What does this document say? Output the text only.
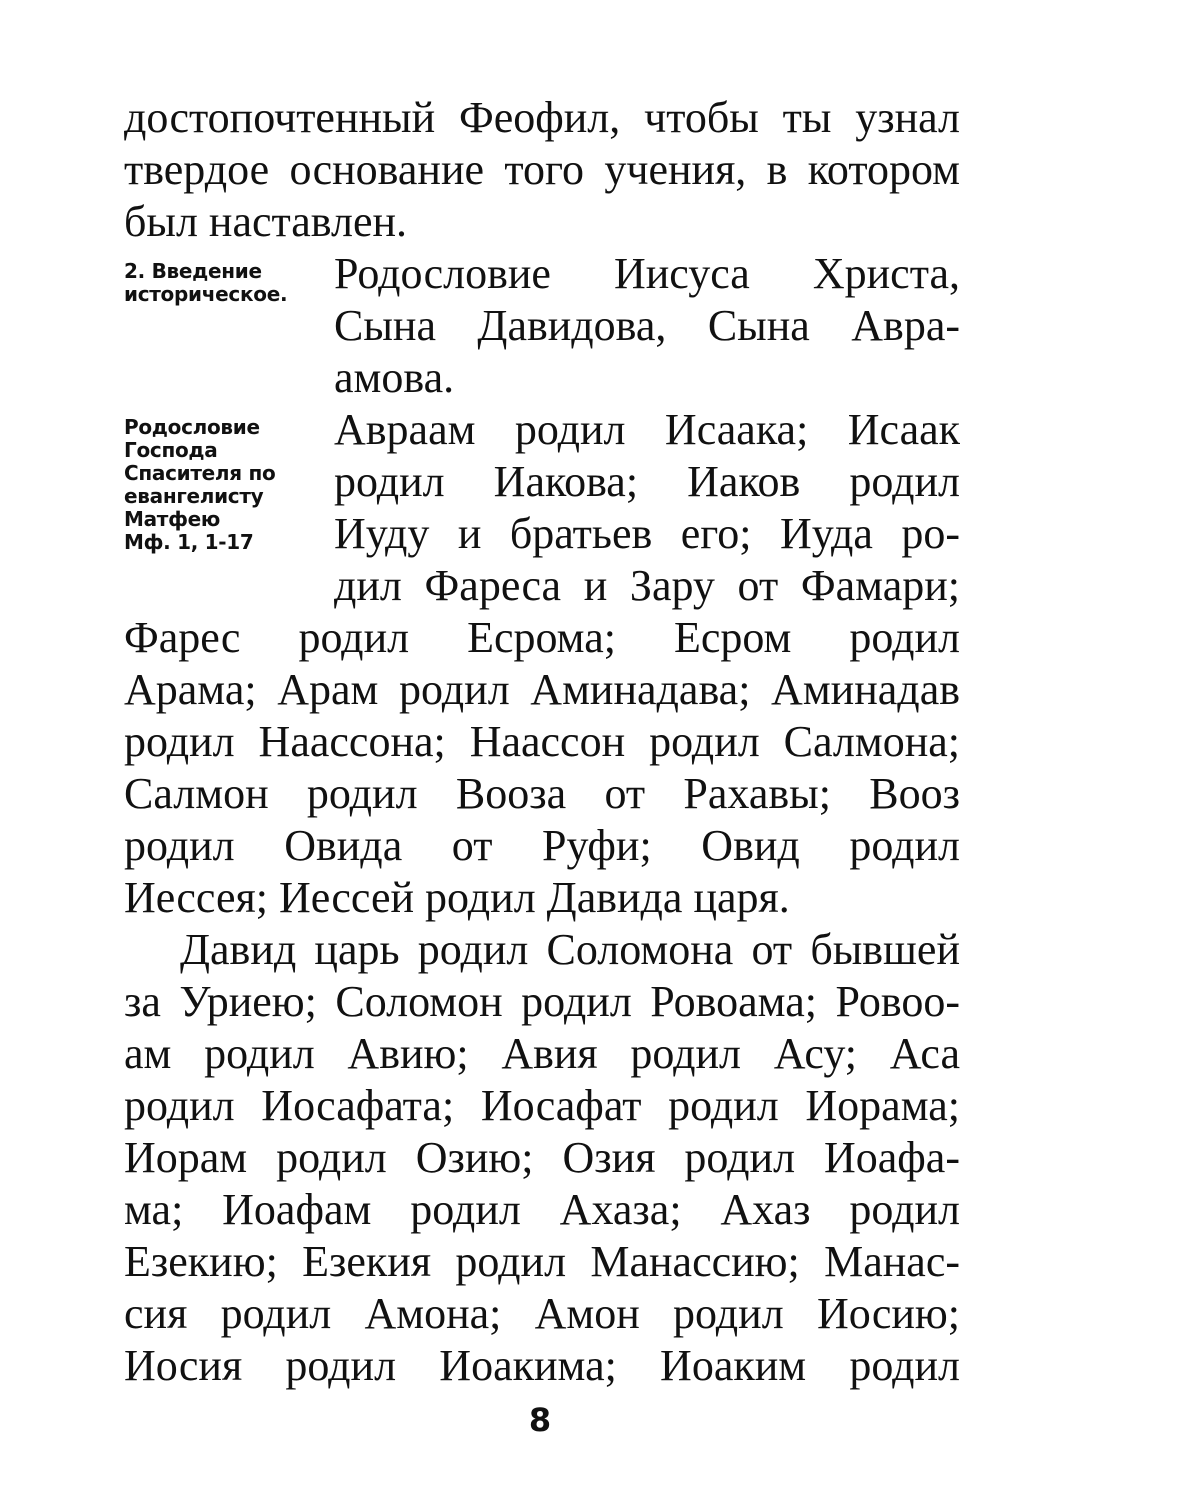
достопочтенный Феофил, чтобы ты узнал
твердое основание того учения, в котором
был наставлен.
2. Введение
историческое.	Родословие Иисуса Христа,
Сына Давидова, Сына Авра-
амова.
Родословие
Господа
Спасителя по
евангелисту
Матфею
Мф. 1, 1-17
Авраам родил Исаака; Исаак
родил Иакова; Иаков родил
Иуду и братьев его; Иуда ро-
дил Фареса и Зару от Фамари;
Фарес родил Есрома; Есром родил
Арама; Арам родил Аминадава; Аминадав
родил Наассона; Наассон родил Салмона;
Салмон родил Вооза от Рахавы; Вооз
родил Овида от Руфи; Овид родил
Иессея; Иессей родил Давида царя.
Давид царь родил Соломона от бывшей
за Уриею; Соломон родил Ровоама; Ровоо-
ам родил Авию; Авия родил Асу; Аса
родил Иосафата; Иосафат родил Иорама;
Иорам родил Озию; Озия родил Иоафа-
ма; Иоафам родил Ахаза; Ахаз родил
Езекию; Езекия родил Манассию; Манас-
сия родил Амона; Амон родил Иосию;
Иосия родил Иоакима; Иоаким родил
8
